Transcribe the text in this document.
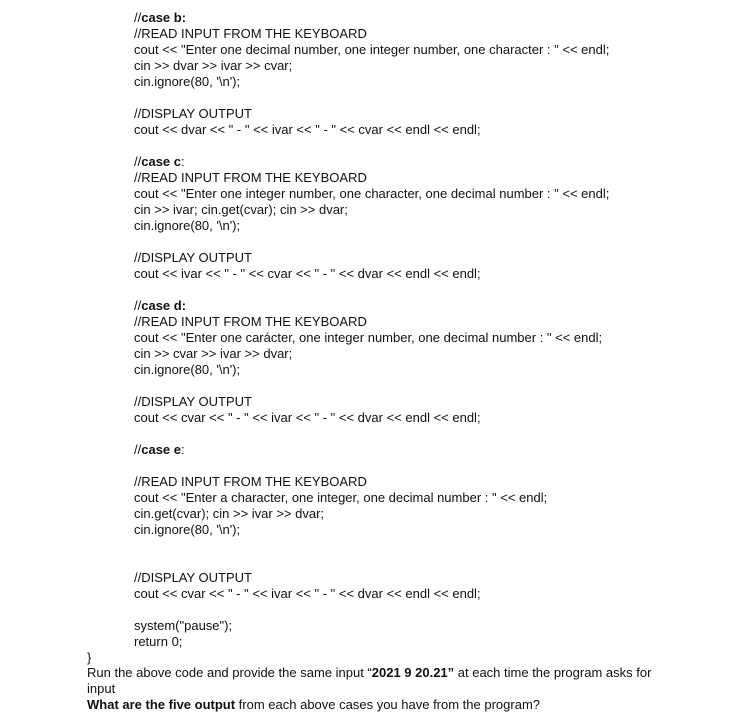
//case b:
//READ INPUT FROM THE KEYBOARD
cout << "Enter one decimal number, one integer number, one character : " << endl;
cin >> dvar >> ivar >> cvar;
cin.ignore(80, '\n');
//DISPLAY OUTPUT
cout << dvar << " - " << ivar << " - " << cvar << endl << endl;
//case c:
//READ INPUT FROM THE KEYBOARD
cout << "Enter one integer number, one character, one decimal number : " << endl;
cin >> ivar; cin.get(cvar); cin >> dvar;
cin.ignore(80, '\n');
//DISPLAY OUTPUT
cout << ivar << " - " << cvar << " - " << dvar << endl << endl;
//case d:
//READ INPUT FROM THE KEYBOARD
cout << "Enter one carácter, one integer number, one decimal number : " << endl;
cin >> cvar >> ivar >> dvar;
cin.ignore(80, '\n');
//DISPLAY OUTPUT
cout << cvar << " - " << ivar << " - " << dvar << endl << endl;
//case e:
//READ INPUT FROM THE KEYBOARD
cout << "Enter a character, one integer, one decimal number : " << endl;
cin.get(cvar); cin >> ivar >> dvar;
cin.ignore(80, '\n');
//DISPLAY OUTPUT
cout << cvar << " - " << ivar << " - " << dvar << endl << endl;
system("pause");
return 0;
}
Run the above code and provide the same input “2021 9 20.21” at each time the program asks for
input
What are the five output from each above cases you have from the program?
